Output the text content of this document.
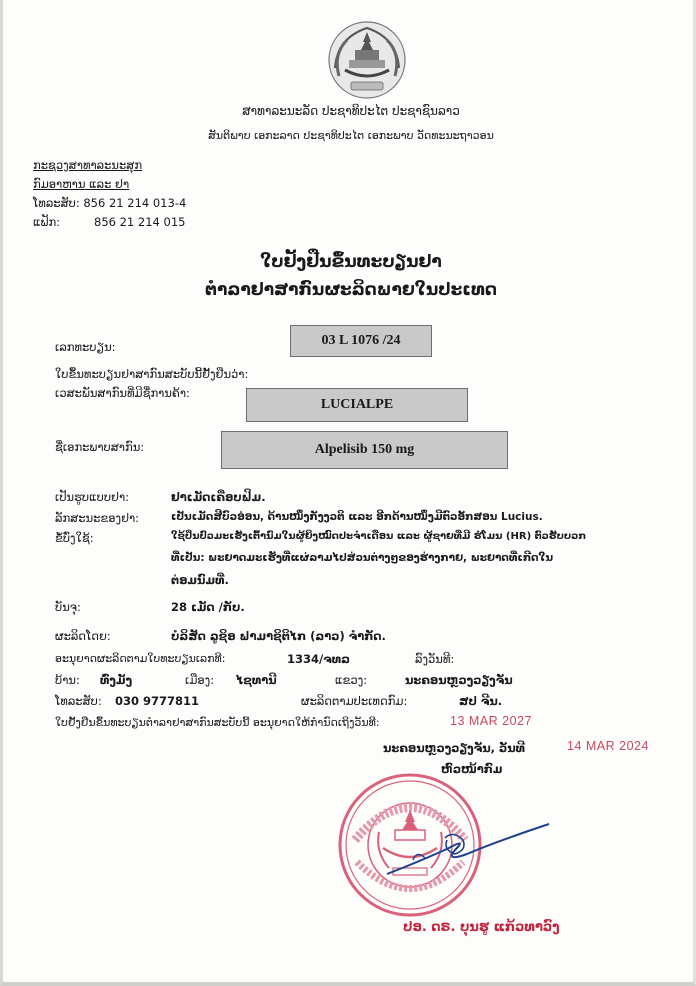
ສາທາລະນະລັດ ປະຊາທິປະໄຕ ປະຊາຊົນລາວ
ສັນຕິພາບ ເອກະລາດ ປະຊາທິປະໄຕ ເອກະພາບ ວັດທະນະຖາວອນ
ກະຊວງສາທາລະນະສຸກ
ກົມອາຫານ ແລະ ຢາ
ໂທລະສັບ: 856 21 214 013-4
ແຟັກ:	856 21 214 015
ໃບຢັ້ງຢືນຂຶ້ນທະບຽນຢາ
ຕຳລາຢາສາກົນຜະລິດພາຍໃນປະເທດ
ເລກທະບຽນ:	03 L 1076 /24
ໃບຂຶ້ນທະບຽນຢາສາກົນສະບັບນີ້ຢັ້ງຢືນວ່າ:
ເວສະພັນສາກົນທີ່ມີຊື່ການຄ້າ:
LUCIALPE
ຊື່ເອກະພາບສາກົນ:	Alpelisib 150 mg
ເປັນຮູບແບບຢາ:	ຢາເມັດເຄືອບຟິມ.
ລັກສະນະຂອງຢາ:	ເປັນເມັດສີບົວອ່ອນ, ດ້ານໜຶ່ງກັງງວຕິ ແລະ ອີກດ້ານໜຶ່ງມີຕົວອັກສອນ Lucius.
ຂໍ້ບົ່ງໃຊ້:	ໃຊ້ປິ່ນປົວມະເຮັງເຕົ້ານົມໃນຜູ້ຍິງໝົດປະຈຳເດືອນ ແລະ ຜູ້ຊາຍທີ່ມີ ຮໍໂມນ (HR) ຕົວຮັບບວກ
ທີ່ເປັນ: ພະຍາດມະເຮັງທີ່ແຜ່ລາມໄປສ່ວນຕ່າງໆຂອງຮ່າງກາຍ, ພະຍາດທີ່ເກີດໃນ
ຕ່ອມນົມທີ່.
ບັນຈຸ:	28 ເມັດ /ກັບ.
ຜະລິດໂດຍ:	ບໍລິສັດ ລູຊິອ ຟາມາຊິຕິໄກ (ລາວ) ຈຳກັດ.
ອະນຸຍາດຜະລິດຕາມໃບທະບຽນເລກທີ:	1334/ຈທລ	ລົງວັນທີ:
ບ້ານ: ທົ່ງມັງ	ເມືອງ: ໄຊທານີ	ແຂວງ:	ນະຄອນຫຼວງວຽງຈັນ
ໂທລະສັບ: 030 9777811	ຜະລິດຕາມປະເທດກົມ:	ສປ ຈີນ.
ໃບຢັ້ງຢືນຂຶ້ນທະບຽນຕຳລາຢາສາກົນສະບັບນີ້ ອະນຸຍາດໃຫ້ກຳນົດເຖິງວັນທີ:	13 MAR 2027
ນະຄອນຫຼວງວຽງຈັນ, ວັນທີ	14 MAR 2024
ຫົວໜ້າກົມ
ປອ. ດຣ. ບຸນຮູ ແກ້ວທາວົງ
